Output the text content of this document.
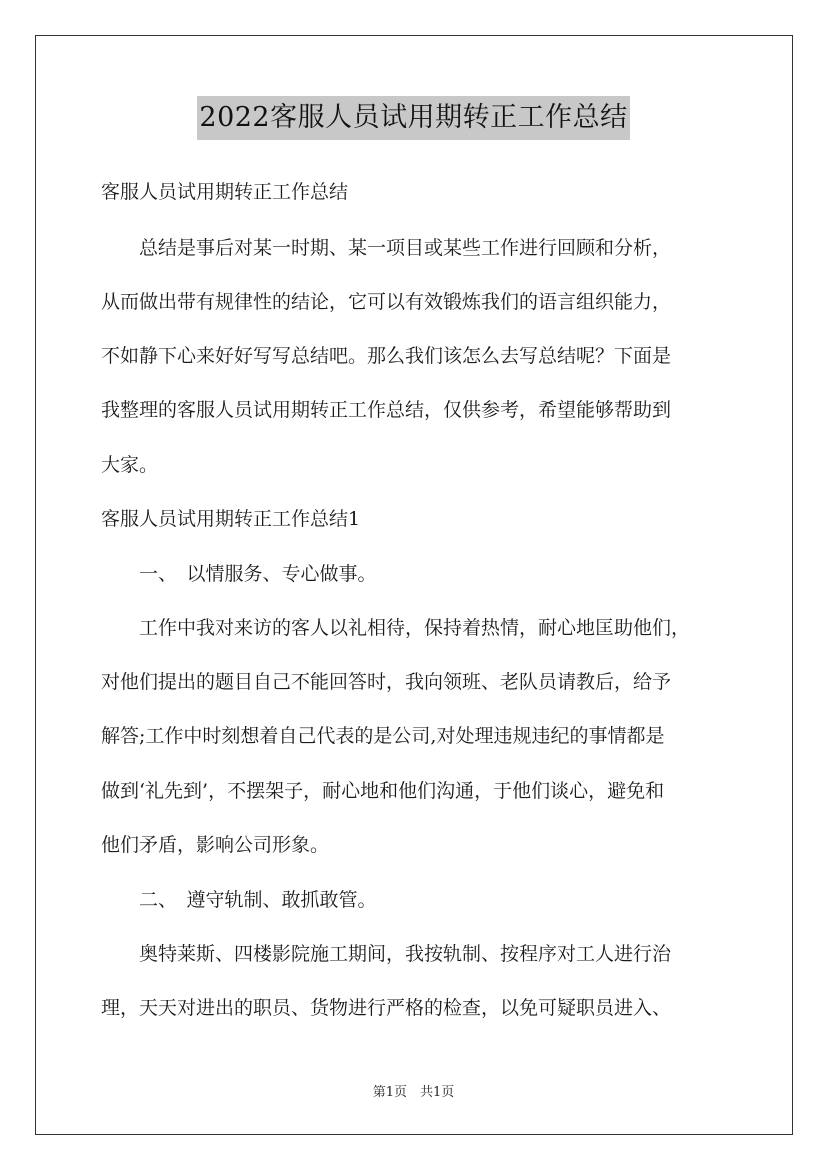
2022客服人员试用期转正工作总结
客服人员试用期转正工作总结
　　总结是事后对某一时期、某一项目或某些工作进行回顾和分析，
从而做出带有规律性的结论，它可以有效锻炼我们的语言组织能力，
不如静下心来好好写写总结吧。那么我们该怎么去写总结呢？下面是
我整理的客服人员试用期转正工作总结，仅供参考，希望能够帮助到
大家。
客服人员试用期转正工作总结1
　　一、　以情服务、专心做事。
　　工作中我对来访的客人以礼相待，保持着热情，耐心地匡助他们，
对他们提出的题目自己不能回答时，我向领班、老队员请教后，给予
解答;工作中时刻想着自己代表的是公司,对处理违规违纪的事情都是
做到‘礼先到’，不摆架子，耐心地和他们沟通，于他们谈心，避免和
他们矛盾，影响公司形象。
　　二、　遵守轨制、敢抓敢管。
　　奥特莱斯、四楼影院施工期间，我按轨制、按程序对工人进行治
理，天天对进出的职员、货物进行严格的检查，以免可疑职员进入、
第1页　共1页
